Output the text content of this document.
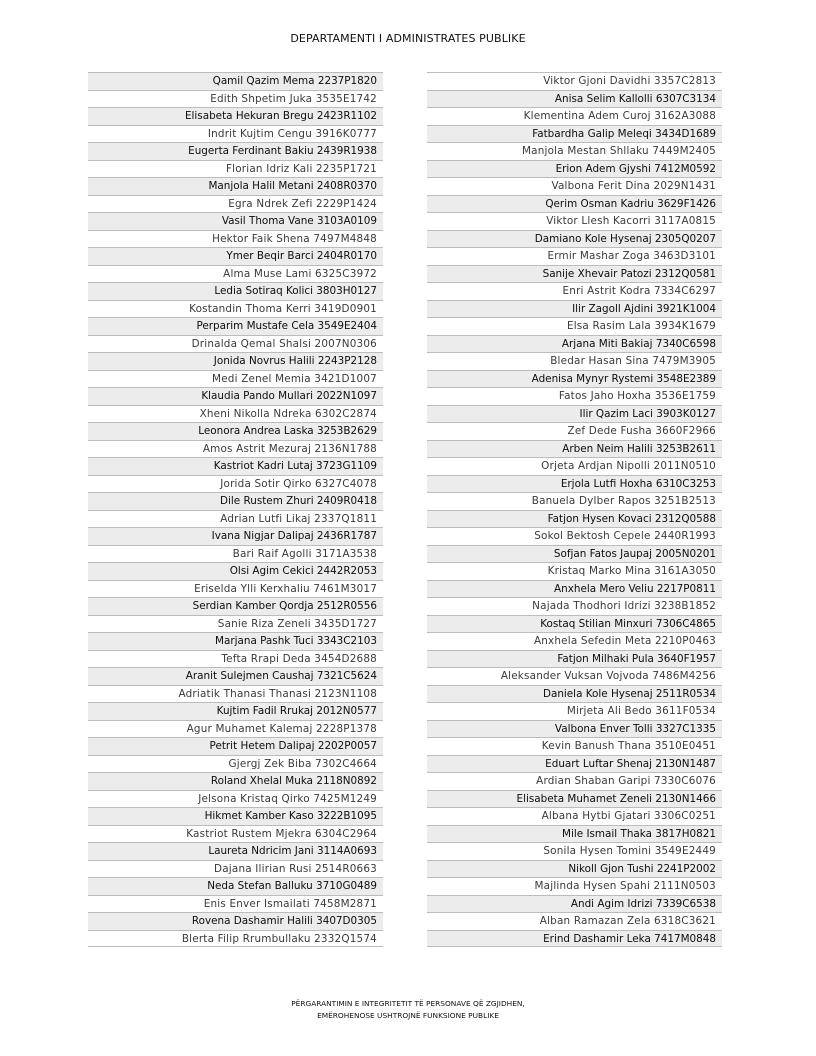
DEPARTAMENTI I ADMINISTRATES PUBLIKE
Qamil Qazim Mema 2237P1820
Edith Shpetim Juka 3535E1742
Elisabeta Hekuran Bregu 2423R1102
Indrit Kujtim Cengu 3916K0777
Eugerta Ferdinant Bakiu 2439R1938
Florian Idriz Kali 2235P1721
Manjola Halil Metani 2408R0370
Egra Ndrek Zefi 2229P1424
Vasil Thoma Vane 3103A0109
Hektor Faik Shena 7497M4848
Ymer Beqir Barci 2404R0170
Alma Muse Lami 6325C3972
Ledia Sotiraq Kolici 3803H0127
Kostandin Thoma Kerri 3419D0901
Perparim Mustafe Cela 3549E2404
Drinalda Qemal Shalsi 2007N0306
Jonida Novrus Halili 2243P2128
Medi Zenel Memia 3421D1007
Klaudia Pando Mullari 2022N1097
Xheni Nikolla Ndreka 6302C2874
Leonora Andrea Laska 3253B2629
Amos Astrit Mezuraj 2136N1788
Kastriot Kadri Lutaj 3723G1109
Jorida Sotir Qirko 6327C4078
Dile Rustem Zhuri 2409R0418
Adrian Lutfi Likaj 2337Q1811
Ivana Nigjar Dalipaj 2436R1787
Bari Raif Agolli 3171A3538
Olsi Agim Cekici 2442R2053
Eriselda Ylli Kerxhaliu 7461M3017
Serdian Kamber Qordja 2512R0556
Sanie Riza Zeneli 3435D1727
Marjana Pashk Tuci 3343C2103
Tefta Rrapi Deda 3454D2688
Aranit Sulejmen Caushaj 7321C5624
Adriatik Thanasi Thanasi 2123N1108
Kujtim Fadil Rrukaj 2012N0577
Agur Muhamet Kalemaj 2228P1378
Petrit Hetem Dalipaj 2202P0057
Gjergj Zek Biba 7302C4664
Roland Xhelal Muka 2118N0892
Jelsona Kristaq Qirko 7425M1249
Hikmet Kamber Kaso 3222B1095
Kastriot Rustem Mjekra 6304C2964
Laureta Ndricim Jani 3114A0693
Dajana Ilirian Rusi 2514R0663
Neda Stefan Balluku 3710G0489
Enis Enver Ismailati 7458M2871
Rovena Dashamir Halili 3407D0305
Blerta Filip Rrumbullaku 2332Q1574
Viktor Gjoni Davidhi 3357C2813
Anisa Selim Kallolli 6307C3134
Klementina Adem Curoj 3162A3088
Fatbardha Galip Meleqi 3434D1689
Manjola Mestan Shllaku 7449M2405
Erion Adem Gjyshi 7412M0592
Valbona Ferit Dina 2029N1431
Qerim Osman Kadriu 3629F1426
Viktor Llesh Kacorri 3117A0815
Damiano Kole Hysenaj 2305Q0207
Ermir Mashar Zoga 3463D3101
Sanije Xhevair Patozi 2312Q0581
Enri Astrit Kodra 7334C6297
Ilir Zagoll Ajdini 3921K1004
Elsa Rasim Lala 3934K1679
Arjana Miti Bakiaj 7340C6598
Bledar Hasan Sina 7479M3905
Adenisa Mynyr Rystemi 3548E2389
Fatos Jaho Hoxha 3536E1759
Ilir Qazim Laci 3903K0127
Zef Dede Fusha 3660F2966
Arben Neim Halili 3253B2611
Orjeta Ardjan Nipolli 2011N0510
Erjola Lutfi Hoxha 6310C3253
Banuela Dylber Rapos 3251B2513
Fatjon Hysen Kovaci 2312Q0588
Sokol Bektosh Cepele 2440R1993
Sofjan Fatos Jaupaj 2005N0201
Kristaq Marko Mina 3161A3050
Anxhela Mero Veliu 2217P0811
Najada Thodhori Idrizi 3238B1852
Kostaq Stilian Minxuri 7306C4865
Anxhela Sefedin Meta 2210P0463
Fatjon Milhaki Pula 3640F1957
Aleksander Vuksan Vojvoda 7486M4256
Daniela Kole Hysenaj 2511R0534
Mirjeta Ali Bedo 3611F0534
Valbona Enver Tolli 3327C1335
Kevin Banush Thana 3510E0451
Eduart Luftar Shenaj 2130N1487
Ardian Shaban Garipi 7330C6076
Elisabeta Muhamet Zeneli 2130N1466
Albana Hytbi Gjatari 3306C0251
Mile Ismail Thaka 3817H0821
Sonila Hysen Tomini 3549E2449
Nikoll Gjon Tushi 2241P2002
Majlinda Hysen Spahi 2111N0503
Andi Agim Idrizi 7339C6538
Alban Ramazan Zela 6318C3621
Erind Dashamir Leka 7417M0848
PËRGARANTIMIN E INTEGRITETIT TË PERSONAVE QË ZGJIDHEN,
EMËROHENOSE USHTROJNË FUNKSIONE PUBLIKE
